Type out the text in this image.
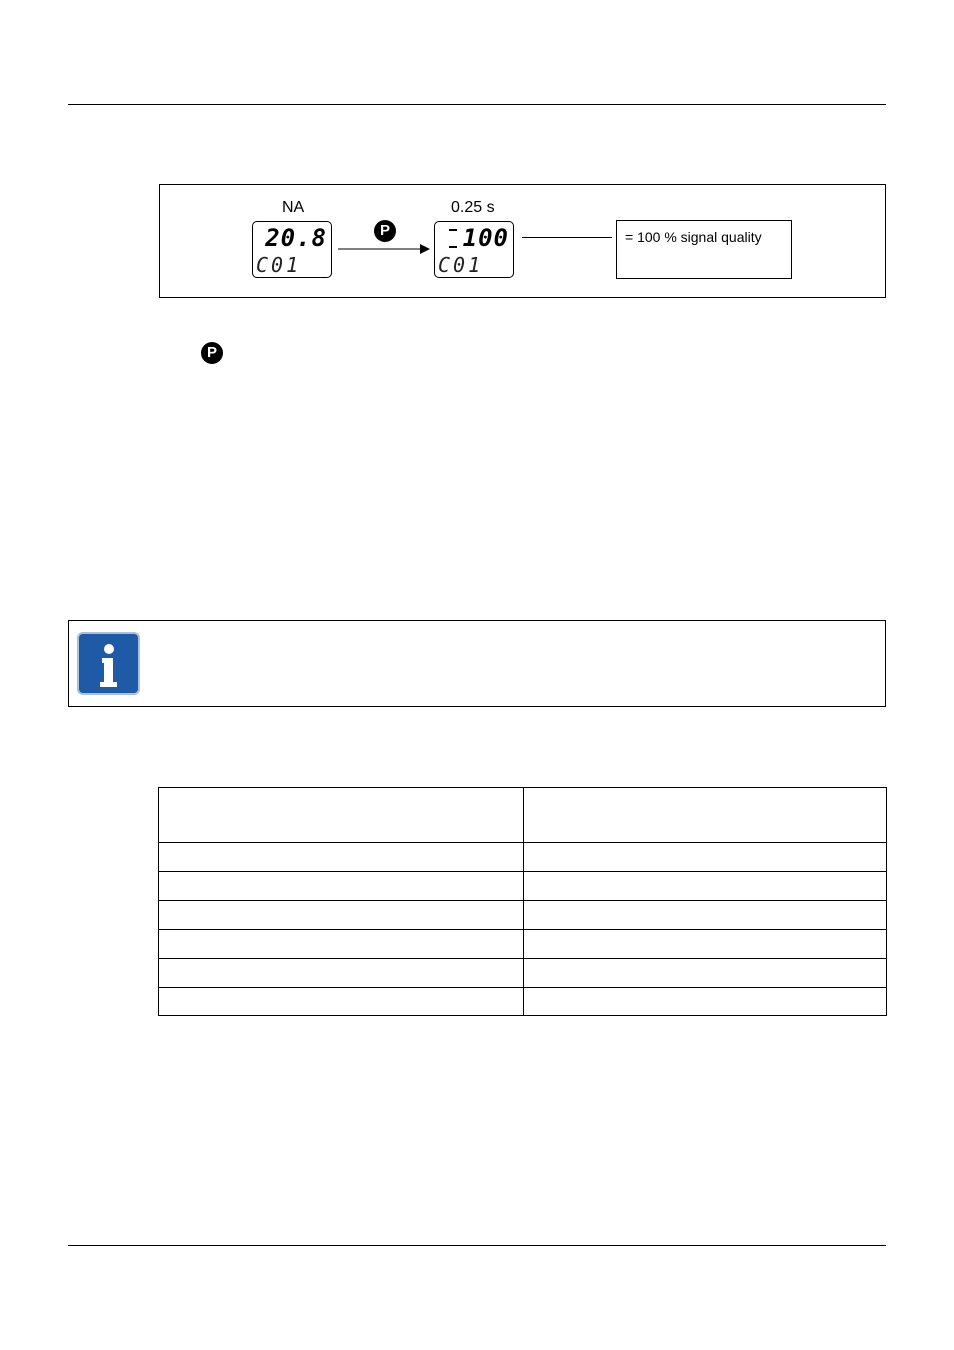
NA
20.8
C01
P
0.25 s
100
C01
= 100 % signal quality
P
